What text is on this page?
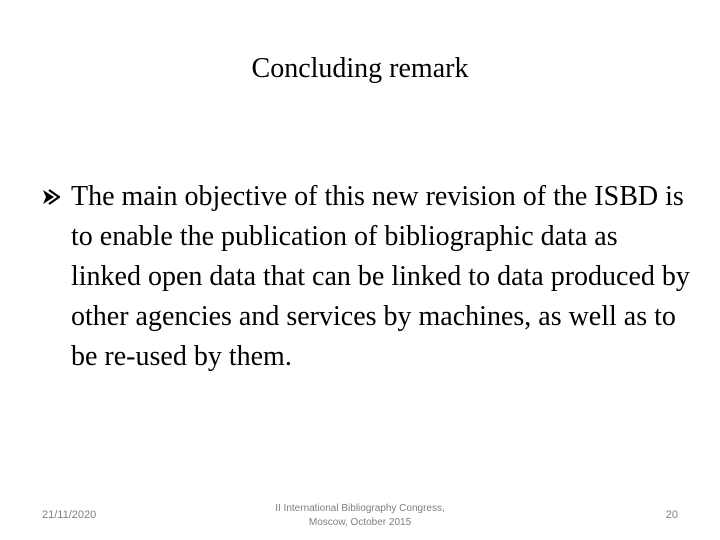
Concluding remark

The main objective of this new revision of the ISBD is to enable the publication of bibliographic data as linked open data that can be linked to data produced by other agencies and services by machines, as well as to be re-used by them.

21/11/2020
II International Bibliography Congress,
Moscow, October 2015
20
